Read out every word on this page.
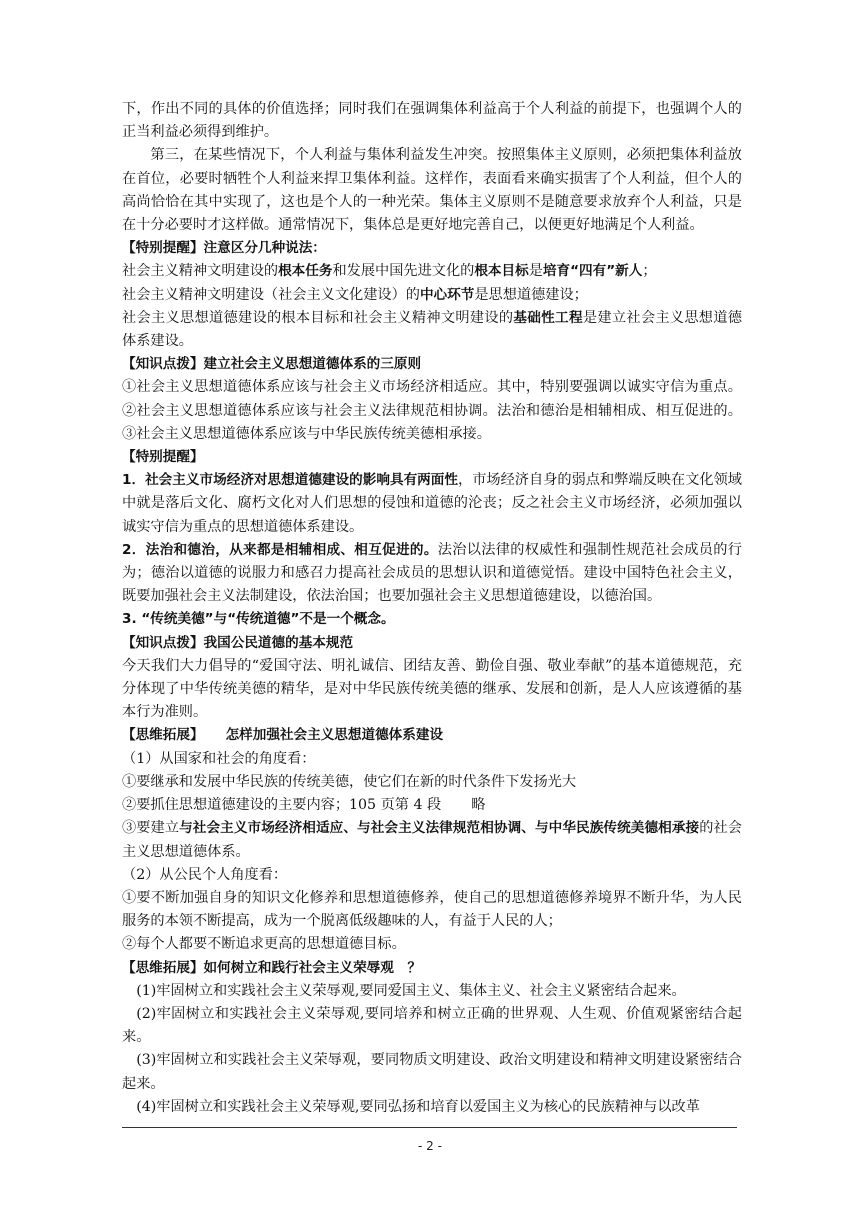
下，作出不同的具体的价值选择；同时我们在强调集体利益高于个人利益的前提下，也强调个人的正当利益必须得到维护。

第三，在某些情况下，个人利益与集体利益发生冲突。按照集体主义原则，必须把集体利益放在首位，必要时牺牲个人利益来捍卫集体利益。这样作，表面看来确实损害了个人利益，但个人的高尚恰恰在其中实现了，这也是个人的一种光荣。集体主义原则不是随意要求放弃个人利益，只是在十分必要时才这样做。通常情况下，集体总是更好地完善自己，以便更好地满足个人利益。

【特别提醒】注意区分几种说法：

社会主义精神文明建设的根本任务和发展中国先进文化的根本目标是培育“四有”新人；

社会主义精神文明建设（社会主义文化建设）的中心环节是思想道德建设；

社会主义思想道德建设的根本目标和社会主义精神文明建设的基础性工程是建立社会主义思想道德体系建设。

【知识点拨】建立社会主义思想道德体系的三原则

①社会主义思想道德体系应该与社会主义市场经济相适应。其中，特别要强调以诚实守信为重点。②社会主义思想道德体系应该与社会主义法律规范相协调。法治和德治是相辅相成、相互促进的。③社会主义思想道德体系应该与中华民族传统美德相承接。

【特别提醒】

1．社会主义市场经济对思想道德建设的影响具有两面性，市场经济自身的弱点和弊端反映在文化领域中就是落后文化、腐朽文化对人们思想的侵蚀和道德的沦丧；反之社会主义市场经济，必须加强以诚实守信为重点的思想道德体系建设。

2．法治和德治，从来都是相辅相成、相互促进的。法治以法律的权威性和强制性规范社会成员的行为；德治以道德的说服力和感召力提高社会成员的思想认识和道德觉悟。建设中国特色社会主义，既要加强社会主义法制建设，依法治国；也要加强社会主义思想道德建设，以德治国。

3. “传统美德”与“传统道德”不是一个概念。

【知识点拨】我国公民道德的基本规范

今天我们大力倡导的“爱国守法、明礼诚信、团结友善、勤俭自强、敬业奉献”的基本道德规范，充分体现了中华传统美德的精华，是对中华民族传统美德的继承、发展和创新，是人人应该遵循的基本行为准则。

【思维拓展】 怎样加强社会主义思想道德体系建设

（1）从国家和社会的角度看：

①要继承和发展中华民族的传统美德，使它们在新的时代条件下发扬光大

②要抓住思想道德建设的主要内容；105 页第 4 段 略

③要建立与社会主义市场经济相适应、与社会主义法律规范相协调、与中华民族传统美德相承接的社会主义思想道德体系。

（2）从公民个人角度看：

①要不断加强自身的知识文化修养和思想道德修养，使自己的思想道德修养境界不断升华，为人民服务的本领不断提高，成为一个脱离低级趣味的人，有益于人民的人；

②每个人都要不断追求更高的思想道德目标。

【思维拓展】如何树立和践行社会主义荣辱观　？

(1)牢固树立和实践社会主义荣辱观,要同爱国主义、集体主义、社会主义紧密结合起来。

(2)牢固树立和实践社会主义荣辱观,要同培养和树立正确的世界观、人生观、价值观紧密结合起来。

(3)牢固树立和实践社会主义荣辱观，要同物质文明建设、政治文明建设和精神文明建设紧密结合起来。

(4)牢固树立和实践社会主义荣辱观,要同弘扬和培育以爱国主义为核心的民族精神与以改革

- 2 -
